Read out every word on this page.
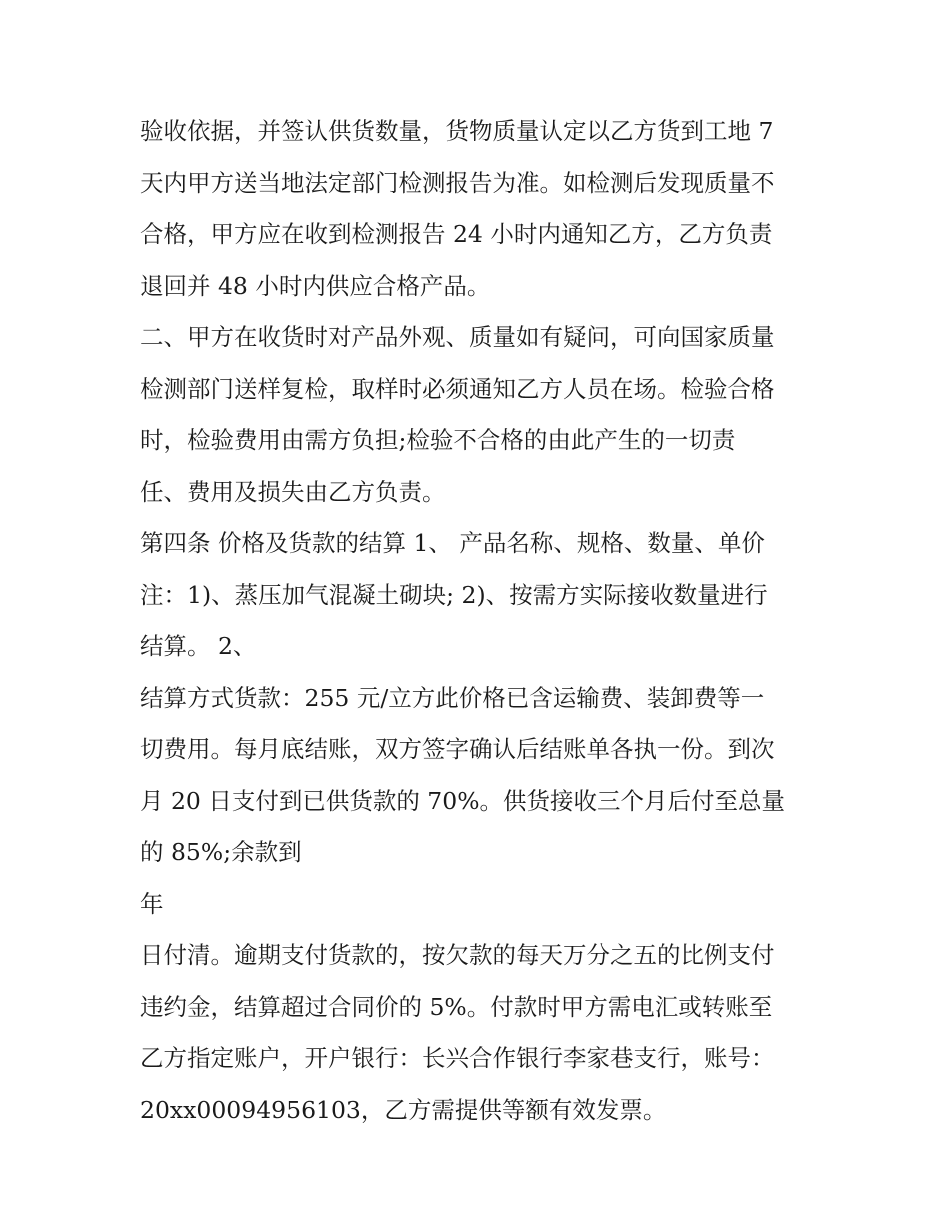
验收依据，并签认供货数量，货物质量认定以乙方货到工地 7
天内甲方送当地法定部门检测报告为准。如检测后发现质量不
合格，甲方应在收到检测报告 24 小时内通知乙方，乙方负责
退回并 48 小时内供应合格产品。
二、甲方在收货时对产品外观、质量如有疑问，可向国家质量
检测部门送样复检，取样时必须通知乙方人员在场。检验合格
时，检验费用由需方负担;检验不合格的由此产生的一切责
任、费用及损失由乙方负责。
第四条 价格及货款的结算 1、 产品名称、规格、数量、单价
注：1)、蒸压加气混凝土砌块; 2)、按需方实际接收数量进行
结算。 2、
结算方式货款：255 元/立方此价格已含运输费、装卸费等一
切费用。每月底结账，双方签字确认后结账单各执一份。到次
月 20 日支付到已供货款的 70%。供货接收三个月后付至总量
的 85%;余款到
年
日付清。逾期支付货款的，按欠款的每天万分之五的比例支付
违约金，结算超过合同价的 5%。付款时甲方需电汇或转账至
乙方指定账户，开户银行：长兴合作银行李家巷支行，账号：
20xx00094956103，乙方需提供等额有效发票。
